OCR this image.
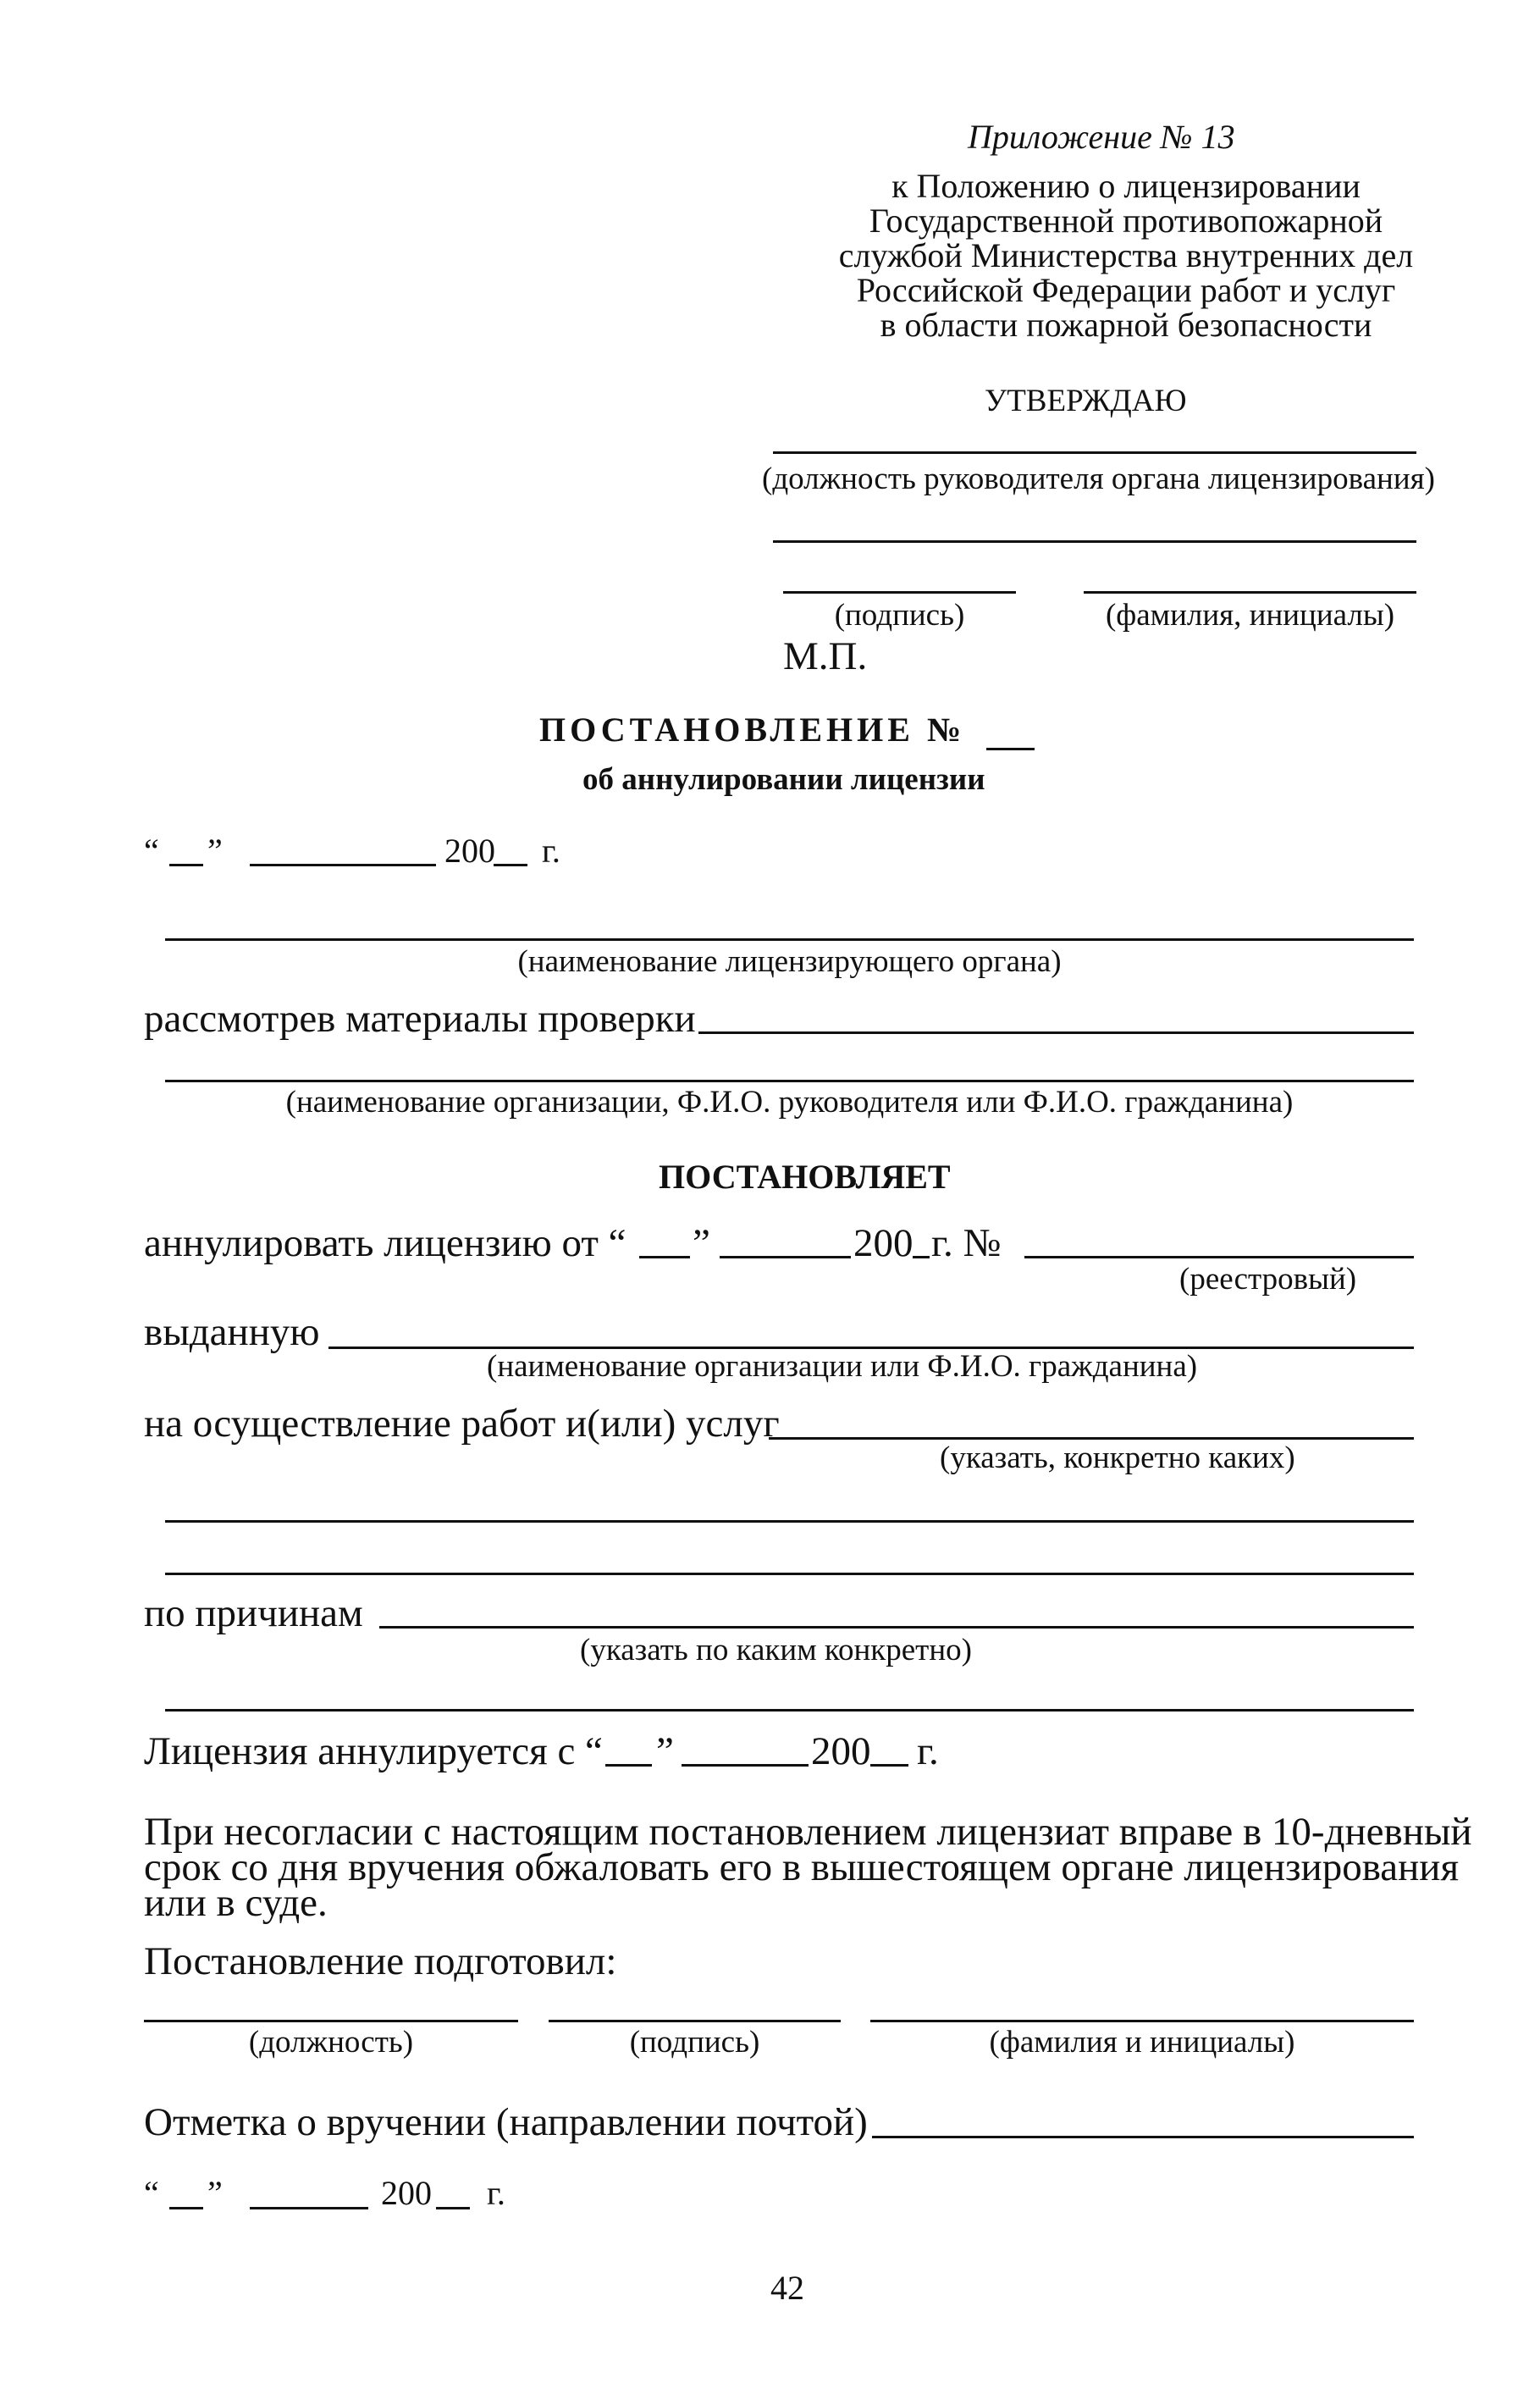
Приложение № 13
к Положению о лицензировании
Государственной противопожарной
службой Министерства внутренних дел
Российской Федерации работ и услуг
в области пожарной безопасности
УТВЕРЖДАЮ
(должность руководителя органа лицензирования)
(подпись)	(фамилия, инициалы)
М.П.
ПОСТАНОВЛЕНИЕ №
об аннулировании лицензии
“ ”	200 г.
(наименование лицензирующего органа)
рассмотрев материалы проверки
(наименование организации, Ф.И.О. руководителя или Ф.И.О. гражданина)
ПОСТАНОВЛЯЕТ
аннулировать лицензию от “ ”	200 г. №
(реестровый)
выданную
(наименование организации или Ф.И.О. гражданина)
на осуществление работ и(или) услуг
(указать, конкретно каких)
по причинам
(указать по каким конкретно)
Лицензия аннулируется с “ ”	200 г.
При несогласии с настоящим постановлением лицензиат вправе в 10-дневный
срок со дня вручения обжаловать его в вышестоящем органе лицензирования
или в суде.
Постановление подготовил:
(должность)	(подпись)	(фамилия и инициалы)
Отметка о вручении (направлении почтой)
“ ”	200 г.
42
